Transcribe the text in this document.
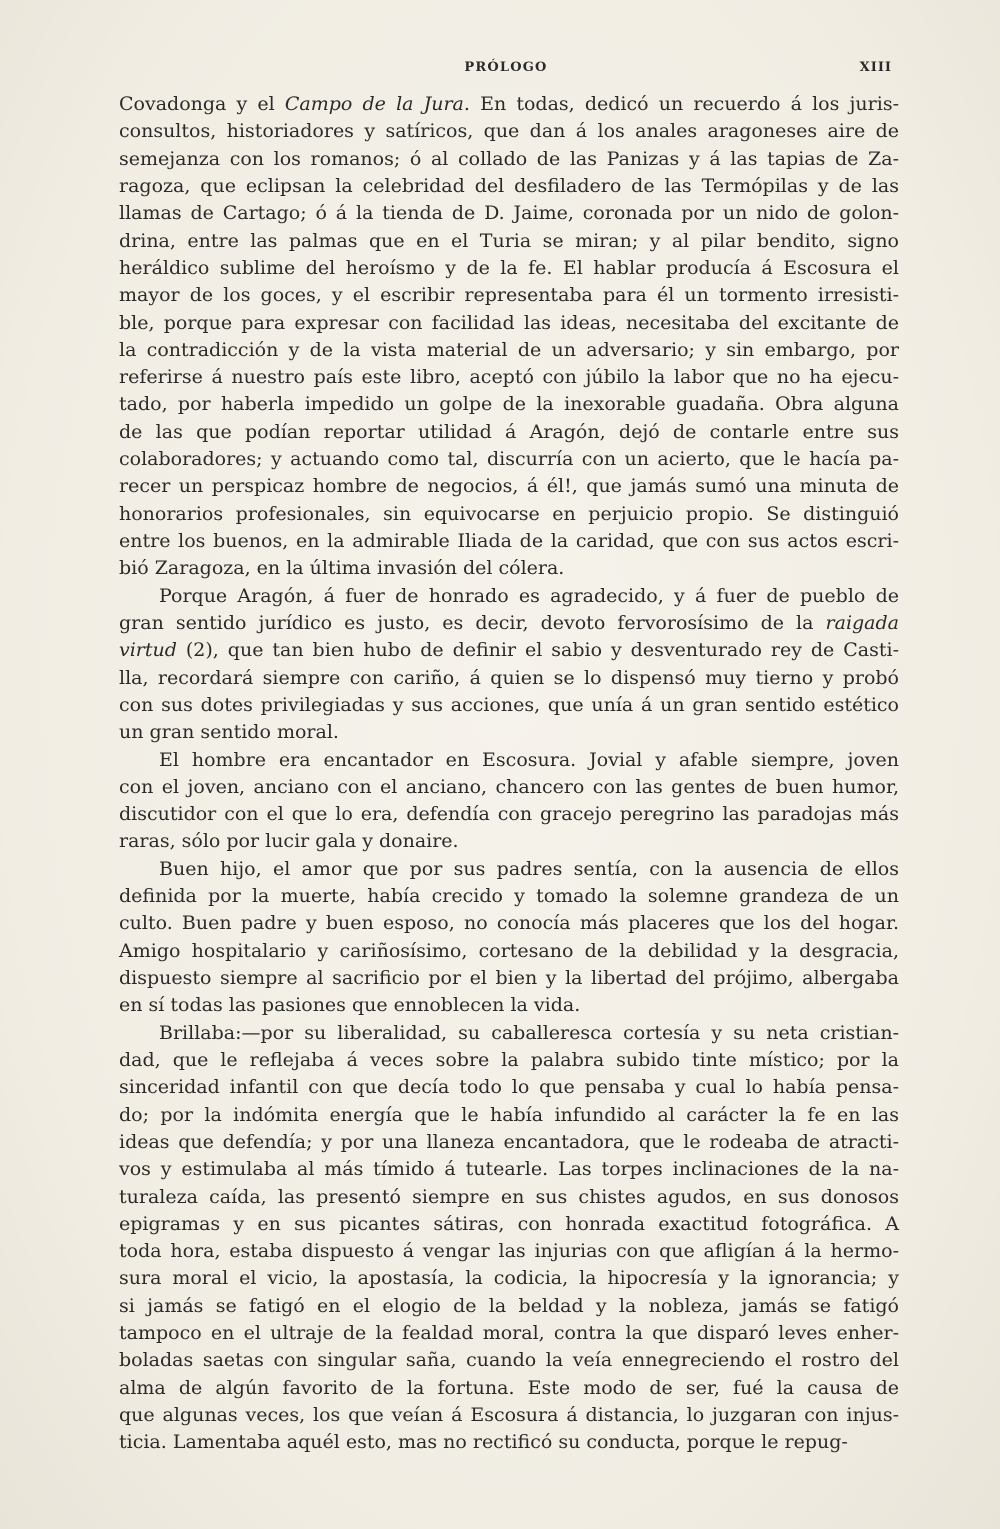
PRÓLOGO	XIII
Covadonga y el Campo de la Jura. En todas, dedicó un recuerdo á los juris-
consultos, historiadores y satíricos, que dan á los anales aragoneses aire de
semejanza con los romanos; ó al collado de las Panizas y á las tapias de Za-
ragoza, que eclipsan la celebridad del desfiladero de las Termópilas y de las
llamas de Cartago; ó á la tienda de D. Jaime, coronada por un nido de golon-
drina, entre las palmas que en el Turia se miran; y al pilar bendito, signo
heráldico sublime del heroísmo y de la fe. El hablar producía á Escosura el
mayor de los goces, y el escribir representaba para él un tormento irresisti-
ble, porque para expresar con facilidad las ideas, necesitaba del excitante de
la contradicción y de la vista material de un adversario; y sin embargo, por
referirse á nuestro país este libro, aceptó con júbilo la labor que no ha ejecu-
tado, por haberla impedido un golpe de la inexorable guadaña. Obra alguna
de las que podían reportar utilidad á Aragón, dejó de contarle entre sus
colaboradores; y actuando como tal, discurría con un acierto, que le hacía pa-
recer un perspicaz hombre de negocios, á él!, que jamás sumó una minuta de
honorarios profesionales, sin equivocarse en perjuicio propio. Se distinguió
entre los buenos, en la admirable Iliada de la caridad, que con sus actos escri-
bió Zaragoza, en la última invasión del cólera.
Porque Aragón, á fuer de honrado es agradecido, y á fuer de pueblo de
gran sentido jurídico es justo, es decir, devoto fervorosísimo de la raigada
virtud (2), que tan bien hubo de definir el sabio y desventurado rey de Casti-
lla, recordará siempre con cariño, á quien se lo dispensó muy tierno y probó
con sus dotes privilegiadas y sus acciones, que unía á un gran sentido estético
un gran sentido moral.
El hombre era encantador en Escosura. Jovial y afable siempre, joven
con el joven, anciano con el anciano, chancero con las gentes de buen humor,
discutidor con el que lo era, defendía con gracejo peregrino las paradojas más
raras, sólo por lucir gala y donaire.
Buen hijo, el amor que por sus padres sentía, con la ausencia de ellos
definida por la muerte, había crecido y tomado la solemne grandeza de un
culto. Buen padre y buen esposo, no conocía más placeres que los del hogar.
Amigo hospitalario y cariñosísimo, cortesano de la debilidad y la desgracia,
dispuesto siempre al sacrificio por el bien y la libertad del prójimo, albergaba
en sí todas las pasiones que ennoblecen la vida.
Brillaba:—por su liberalidad, su caballeresca cortesía y su neta cristian-
dad, que le reflejaba á veces sobre la palabra subido tinte místico; por la
sinceridad infantil con que decía todo lo que pensaba y cual lo había pensa-
do; por la indómita energía que le había infundido al carácter la fe en las
ideas que defendía; y por una llaneza encantadora, que le rodeaba de atracti-
vos y estimulaba al más tímido á tutearle. Las torpes inclinaciones de la na-
turaleza caída, las presentó siempre en sus chistes agudos, en sus donosos
epigramas y en sus picantes sátiras, con honrada exactitud fotográfica. A
toda hora, estaba dispuesto á vengar las injurias con que afligían á la hermo-
sura moral el vicio, la apostasía, la codicia, la hipocresía y la ignorancia; y
si jamás se fatigó en el elogio de la beldad y la nobleza, jamás se fatigó
tampoco en el ultraje de la fealdad moral, contra la que disparó leves enher-
boladas saetas con singular saña, cuando la veía ennegreciendo el rostro del
alma de algún favorito de la fortuna. Este modo de ser, fué la causa de
que algunas veces, los que veían á Escosura á distancia, lo juzgaran con injus-
ticia. Lamentaba aquél esto, mas no rectificó su conducta, porque le repug-
